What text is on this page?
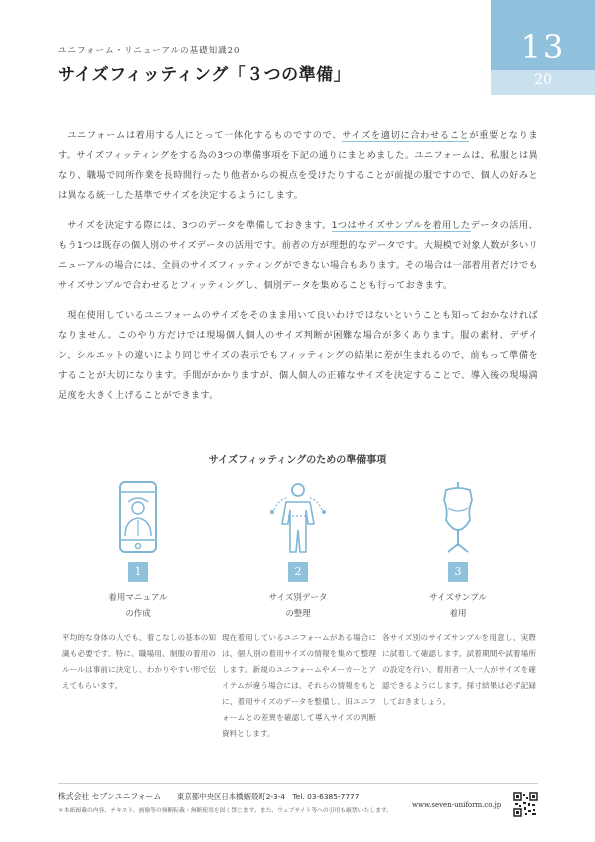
ユニフォーム・リニューアルの基礎知識20
サイズフィッティング「３つの準備」
13
20

ユニフォームは着用する人にとって一体化するものですので、サイズを適切に合わせることが重要となります。サイズフィッティングをする為の3つの準備事項を下記の通りにまとめました。ユニフォームは、私服とは異なり、職場で同所作業を長時間行ったり他者からの視点を受けたりすることが前提の服ですので、個人の好みとは異なる統一した基準でサイズを決定するようにします。

サイズを決定する際には、3つのデータを準備しておきます。1つはサイズサンプルを着用したデータの活用、もう1つは既存の個人別のサイズデータの活用です。前者の方が理想的なデータです。大規模で対象人数が多いリニューアルの場合には、全員のサイズフィッティングができない場合もあります。その場合は一部着用者だけでもサイズサンプルで合わせるとフィッティングし、個別データを集めることも行っておきます。

現在使用しているユニフォームのサイズをそのまま用いて良いわけではないということも知っておかなければなりません。このやり方だけでは現場個人個人のサイズ判断が困難な場合が多くあります。服の素材、デザイン、シルエットの違いにより同じサイズの表示でもフィッティングの結果に差が生まれるので、前もって準備をすることが大切になります。手間がかかりますが、個人個人の正確なサイズを決定することで、導入後の現場満足度を大きく上げることができます。

サイズフィッティングのための準備事項
1
着用マニュアル
の作成
平均的な身体の人でも、着こなしの基本の知識も必要です。特に、職場用、制服の着用のルールは事前に決定し、わかりやすい形で伝えてもらいます。
2
サイズ別データ
の整理
現在着用しているユニフォームがある場合には、個人別の着用サイズの情報を集めて整理します。新規のユニフォームやメーカーとアイテムが違う場合には、それらの情報をもとに、着用サイズのデータを整備し、旧ユニフォームとの差異を確認して導入サイズの判断資料とします。
3
サイズサンプル
着用
各サイズ別のサイズサンプルを用意し、実際に試着して確認します。試着期間や試着場所の設定を行い、着用者一人一人がサイズを確認できるようにします。採寸結果は必ず記録しておきましょう。
株式会社 セブンユニフォーム 東京都中央区日本橋蛎殻町2-3-4　Tel. 03-6385-7777
＊本紙掲載の内容、テキスト、画像等の無断転載・無断使用を固く禁じます。また、ウェブサイト等への引用も厳禁いたします。
www.seven-uniform.co.jp
